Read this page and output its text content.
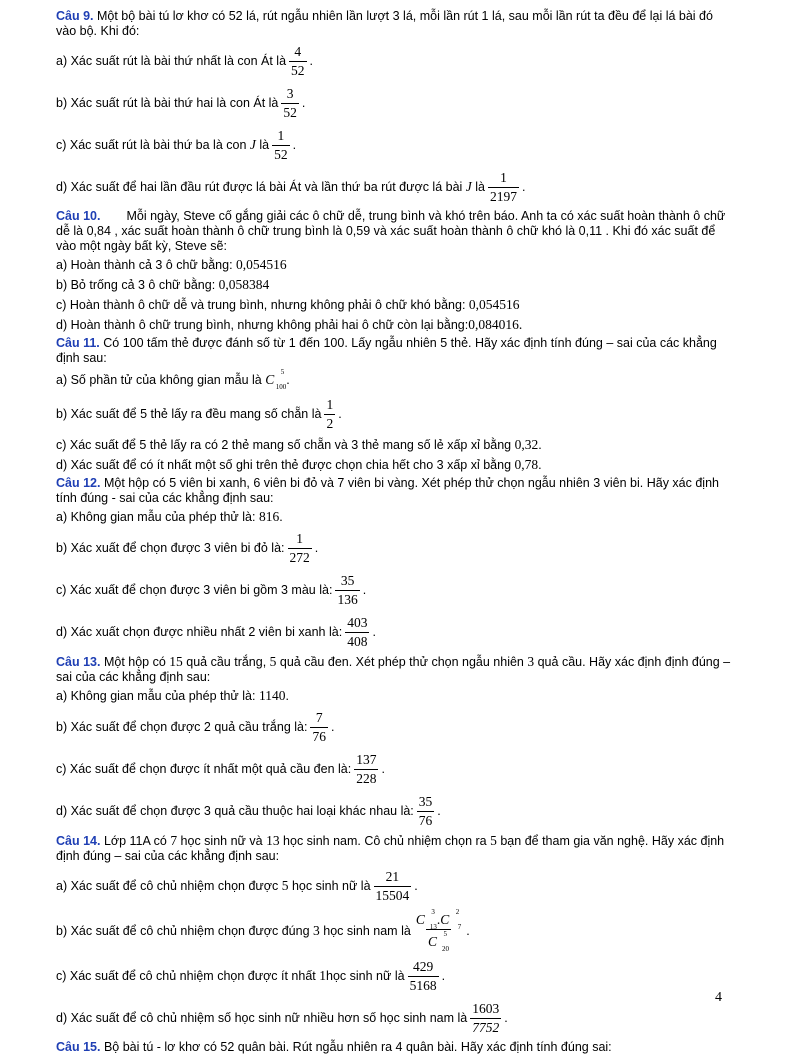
Câu 9. Một bộ bài tú lơ khơ có 52 lá, rút ngẫu nhiên lần lượt 3 lá, mỗi lần rút 1 lá, sau mỗi lần rút ta đều để lại lá bài đó vào bộ. Khi đó:

a) Xác suất rút là bài thứ nhất là con Át là $\frac{4}{52}$ .
b) Xác suất rút là bài thứ hai là con Át là $\frac{3}{52}$ .
c) Xác suất rút là bài thứ ba là con
J
là $\frac{1}{52}$ .
d) Xác suất để hai lần đầu rút được lá bài Át và lần thứ ba rút được lá bài
J
là $\frac{1}{2197}$ .

Câu 10. Mỗi ngày, Steve cố gắng giải các ô chữ dễ, trung bình và khó trên báo. Anh ta có xác suất hoàn thành ô chữ dễ là 0,84 , xác suất hoàn thành ô chữ trung bình là 0,59 và xác suất hoàn thành ô chữ khó là 0,11 . Khi đó xác suất để vào một ngày bất kỳ, Steve sẽ:

a) Hoàn thành cả 3 ô chữ bằng:
0,054516
b) Bỏ trống cả 3 ô chữ bằng:
0,058384
c) Hoàn thành ô chữ dễ và trung bình, nhưng không phải ô chữ khó bằng:
0,054516
d) Hoàn thành ô chữ trung bình, nhưng không phải hai ô chữ còn lại bằng: 0,084016.

Câu 11. Có 100 tấm thẻ được đánh số từ 1 đến 100. Lấy ngẫu nhiên 5 thẻ. Hãy xác định tính đúng – sai của các khẳng định sau:

a) Số phần tử của không gian mẫu là
C 5
100 .
b) Xác suất để 5 thẻ lấy ra đều mang số chẵn là $\frac{1}{2}$ .
c) Xác suất để 5 thẻ lấy ra có 2 thẻ mang số chẵn và 3 thẻ mang số lẻ xấp xỉ bằng
0,32 .
d) Xác suất để có ít nhất một số ghi trên thẻ được chọn chia hết cho 3 xấp xỉ bằng
0,78 .

Câu 12. Một hộp có 5 viên bi xanh, 6 viên bi đỏ và 7 viên bi vàng. Xét phép thử chọn ngẫu nhiên 3 viên bi. Hãy xác định tính đúng - sai của các khẳng định sau:

a) Không gian mẫu của phép thử là:
816 .
b) Xác xuất để chọn được 3 viên bi đỏ là: $\frac{1}{272}$ .
c) Xác xuất để chọn được 3 viên bi gồm 3 màu là: $\frac{35}{136}$ .
d) Xác xuất chọn được nhiều nhất 2 viên bi xanh là: $\frac{403}{408}$ .

Câu 13. Một hộp có 15 quả cầu trắng, 5 quả cầu đen. Xét phép thử chọn ngẫu nhiên 3 quả cầu. Hãy xác định định đúng – sai của các khẳng định sau:

a) Không gian mẫu của phép thử là:
1140 .
b) Xác suất để chọn được 2 quả cầu trắng là: $\frac{7}{76}$ .
c) Xác suất để chọn được ít nhất một quả cầu đen là: $\frac{137}{228}$ .
d) Xác suất để chọn được 3 quả cầu thuộc hai loại khác nhau là: $\frac{35}{76}$ .

Câu 14. Lớp 11A có 7 học sinh nữ và 13 học sinh nam. Cô chủ nhiệm chọn ra 5 bạn để tham gia văn nghệ. Hãy xác định định đúng – sai của các khẳng định sau:

a) Xác suất để cô chủ nhiệm chọn được
5
học sinh nữ là $\frac{21}{15504}$ .
b) Xác suất để cô chủ nhiệm chọn được đúng
3
học sinh nam là C 3
13 .C 2
7
C 5
20 .
c) Xác suất để cô chủ nhiệm chọn được ít nhất
1 học sinh nữ là $\frac{429}{5168}$ .
d) Xác suất để cô chủ nhiệm số học sinh nữ nhiều hơn số học sinh nam là $\frac{1603}{7752}$ .

Câu 15. Bộ bài tú - lơ khơ có 52 quân bài. Rút ngẫu nhiên ra 4 quân bài. Hãy xác định tính đúng sai:

4
